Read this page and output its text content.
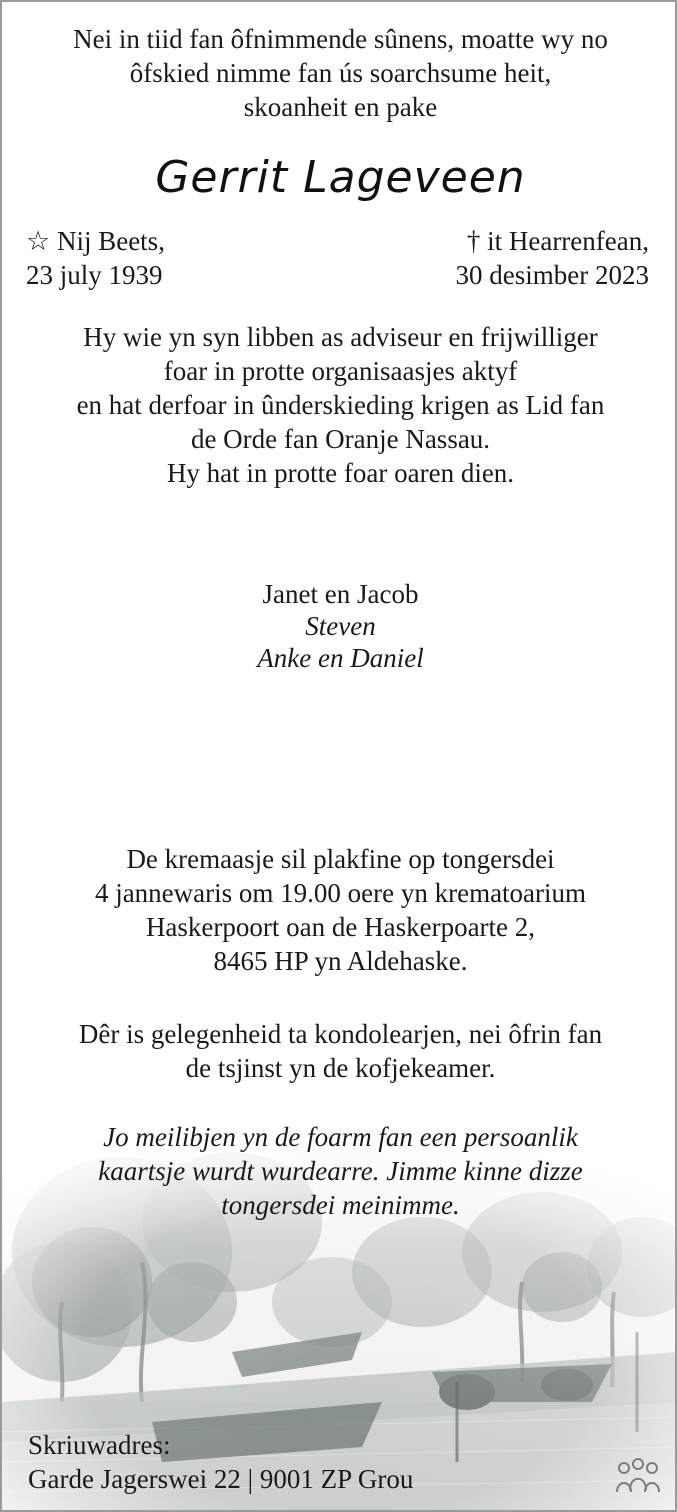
Nei in tiid fan ôfnimmende sûnens, moatte wy no
ôfskied nimme fan ús soarchsume heit,
skoanheit en pake
Gerrit Lageveen
☆ Nij Beets,
23 july 1939
† it Hearrenfean,
30 desimber 2023
Hy wie yn syn libben as adviseur en frijwilliger
foar in protte organisaasjes aktyf
en hat derfoar in ûnderskieding krigen as Lid fan
de Orde fan Oranje Nassau.
Hy hat in protte foar oaren dien.
Janet en Jacob
Steven
Anke en Daniel
De kremaasje sil plakfine op tongersdei
4 jannewaris om 19.00 oere yn krematoarium
Haskerpoort oan de Haskerpoarte 2,
8465 HP yn Aldehaske.
Dêr is gelegenheid ta kondolearjen, nei ôfrin fan
de tsjinst yn de kofjekeamer.
Jo meilibjen yn de foarm fan een persoanlik
kaartsje wurdt wurdearre. Jimme kinne dizze
tongersdei meinimme.
Skriuwadres:
Garde Jagerswei 22 | 9001 ZP Grou
